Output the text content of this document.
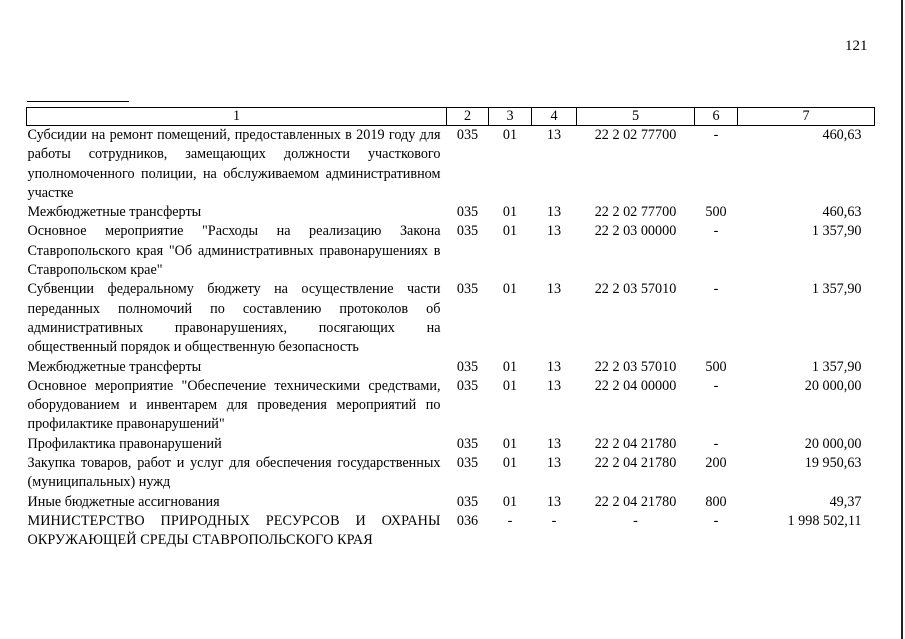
121
1	2	3	4	5	6	7
Субсидии на ремонт помещений, предоставленных в 2019 году для работы сотрудников, замещающих должности участкового уполномоченного полиции, на обслуживаемом административном участке	035	01	13	22 2 02 77700	-	460,63
Межбюджетные трансферты	035	01	13	22 2 02 77700	500	460,63
Основное мероприятие "Расходы на реализацию Закона Ставропольского края "Об административных правонарушениях в Ставропольском крае"	035	01	13	22 2 03 00000	-	1 357,90
Субвенции федеральному бюджету на осуществление части переданных полномочий по составлению протоколов об административных правонарушениях, посягающих на общественный порядок и общественную безопасность	035	01	13	22 2 03 57010	-	1 357,90
Межбюджетные трансферты	035	01	13	22 2 03 57010	500	1 357,90
Основное мероприятие "Обеспечение техническими средствами, оборудованием и инвентарем для проведения мероприятий по профилактике правонарушений"	035	01	13	22 2 04 00000	-	20 000,00
Профилактика правонарушений	035	01	13	22 2 04 21780	-	20 000,00
Закупка товаров, работ и услуг для обеспечения государственных (муниципальных) нужд	035	01	13	22 2 04 21780	200	19 950,63
Иные бюджетные ассигнования	035	01	13	22 2 04 21780	800	49,37
МИНИСТЕРСТВО ПРИРОДНЫХ РЕСУРСОВ И ОХРАНЫ ОКРУЖАЮЩЕЙ СРЕДЫ СТАВРОПОЛЬСКОГО КРАЯ	036	-	-	-	-	1 998 502,11
